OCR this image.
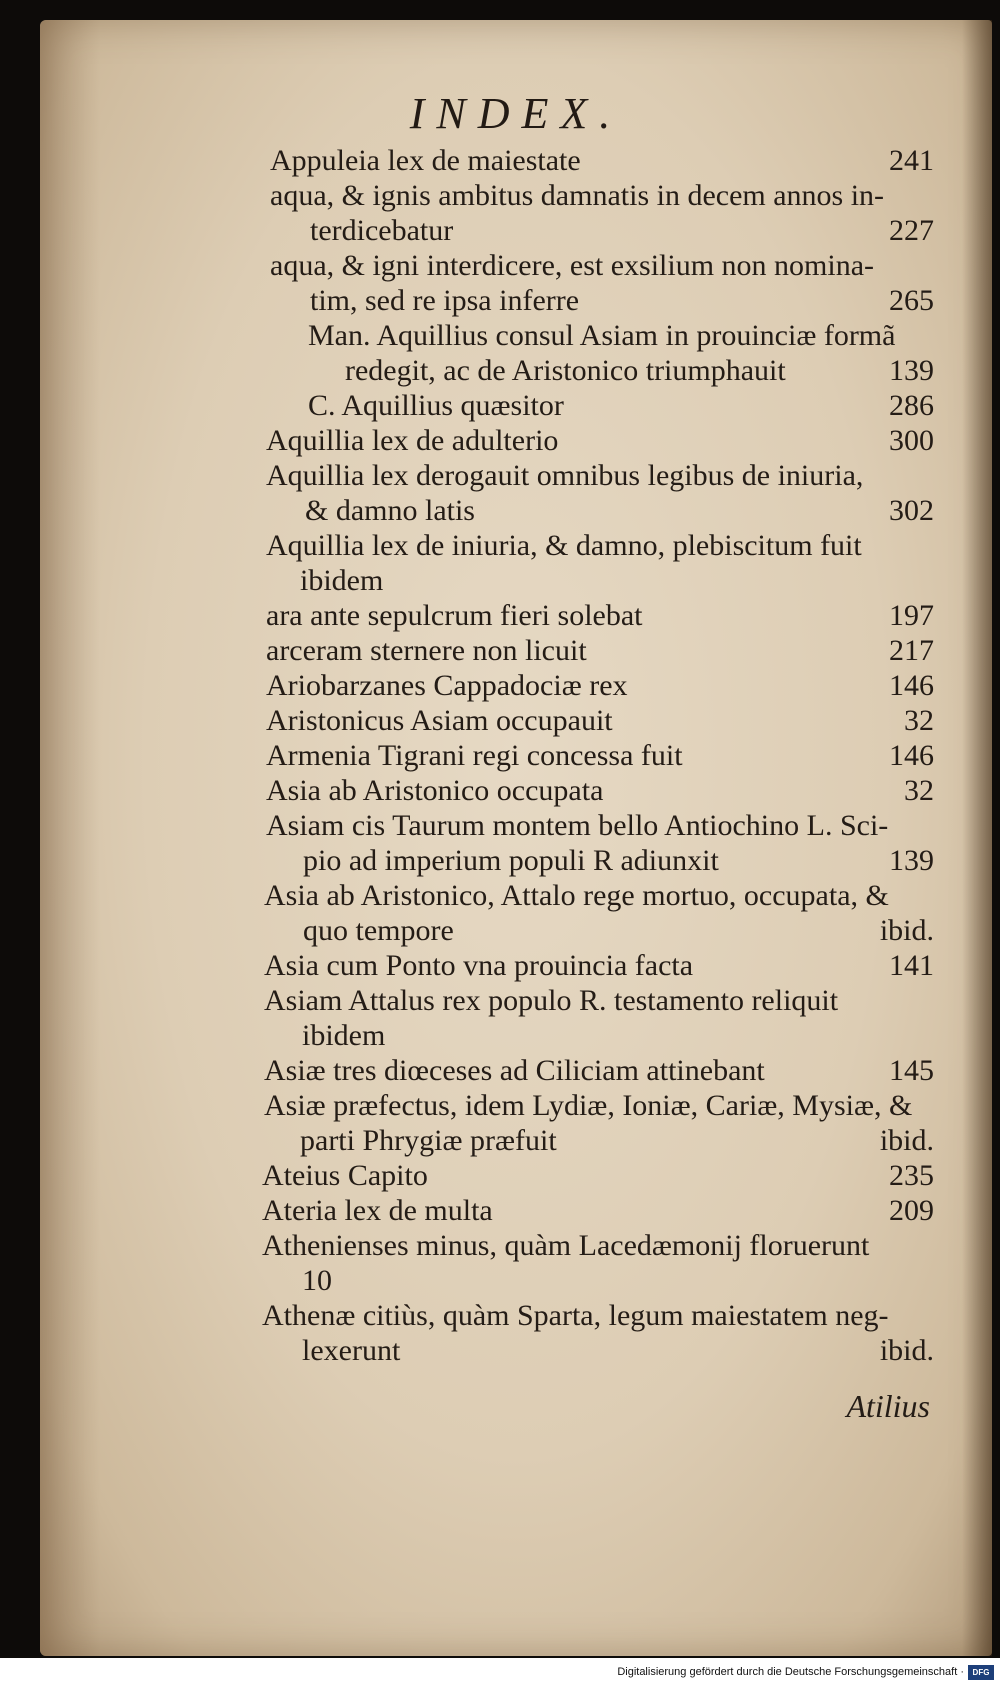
INDEX.
Appuleia lex de maiestate	241
aqua, & ignis ambitus damnatis in decem annos in-
terdicebatur	227
aqua, & igni interdicere, est exsilium non nomina-
tim, sed re ipsa inferre	265
Man. Aquillius consul Asiam in prouinciæ formã
redegit, ac de Aristonico triumphauit	139
C. Aquillius quæsitor	286
Aquillia lex de adulterio	300
Aquillia lex derogauit omnibus legibus de iniuria,
& damno latis	302
Aquillia lex de iniuria, & damno, plebiscitum fuit
ibidem
ara ante sepulcrum fieri solebat	197
arceram sternere non licuit	217
Ariobarzanes Cappadociæ rex	146
Aristonicus Asiam occupauit	32
Armenia Tigrani regi concessa fuit	146
Asia ab Aristonico occupata	32
Asiam cis Taurum montem bello Antiochino L. Sci-
pio ad imperium populi R adiunxit	139
Asia ab Aristonico, Attalo rege mortuo, occupata, &
quo tempore	ibid.
Asia cum Ponto vna prouincia facta	141
Asiam Attalus rex populo R. testamento reliquit
ibidem
Asiæ tres diœceses ad Ciliciam attinebant	145
Asiæ præfectus, idem Lydiæ, Ioniæ, Cariæ, Mysiæ, &
parti Phrygiæ præfuit	ibid.
Ateius Capito	235
Ateria lex de multa	209
Athenienses minus, quàm Lacedæmonij floruerunt
10
Athenæ citiùs, quàm Sparta, legum maiestatem neg-
lexerunt	ibid.
Atilius
Digitalisierung gefördert durch die Deutsche Forschungsgemeinschaft ·	DFG
